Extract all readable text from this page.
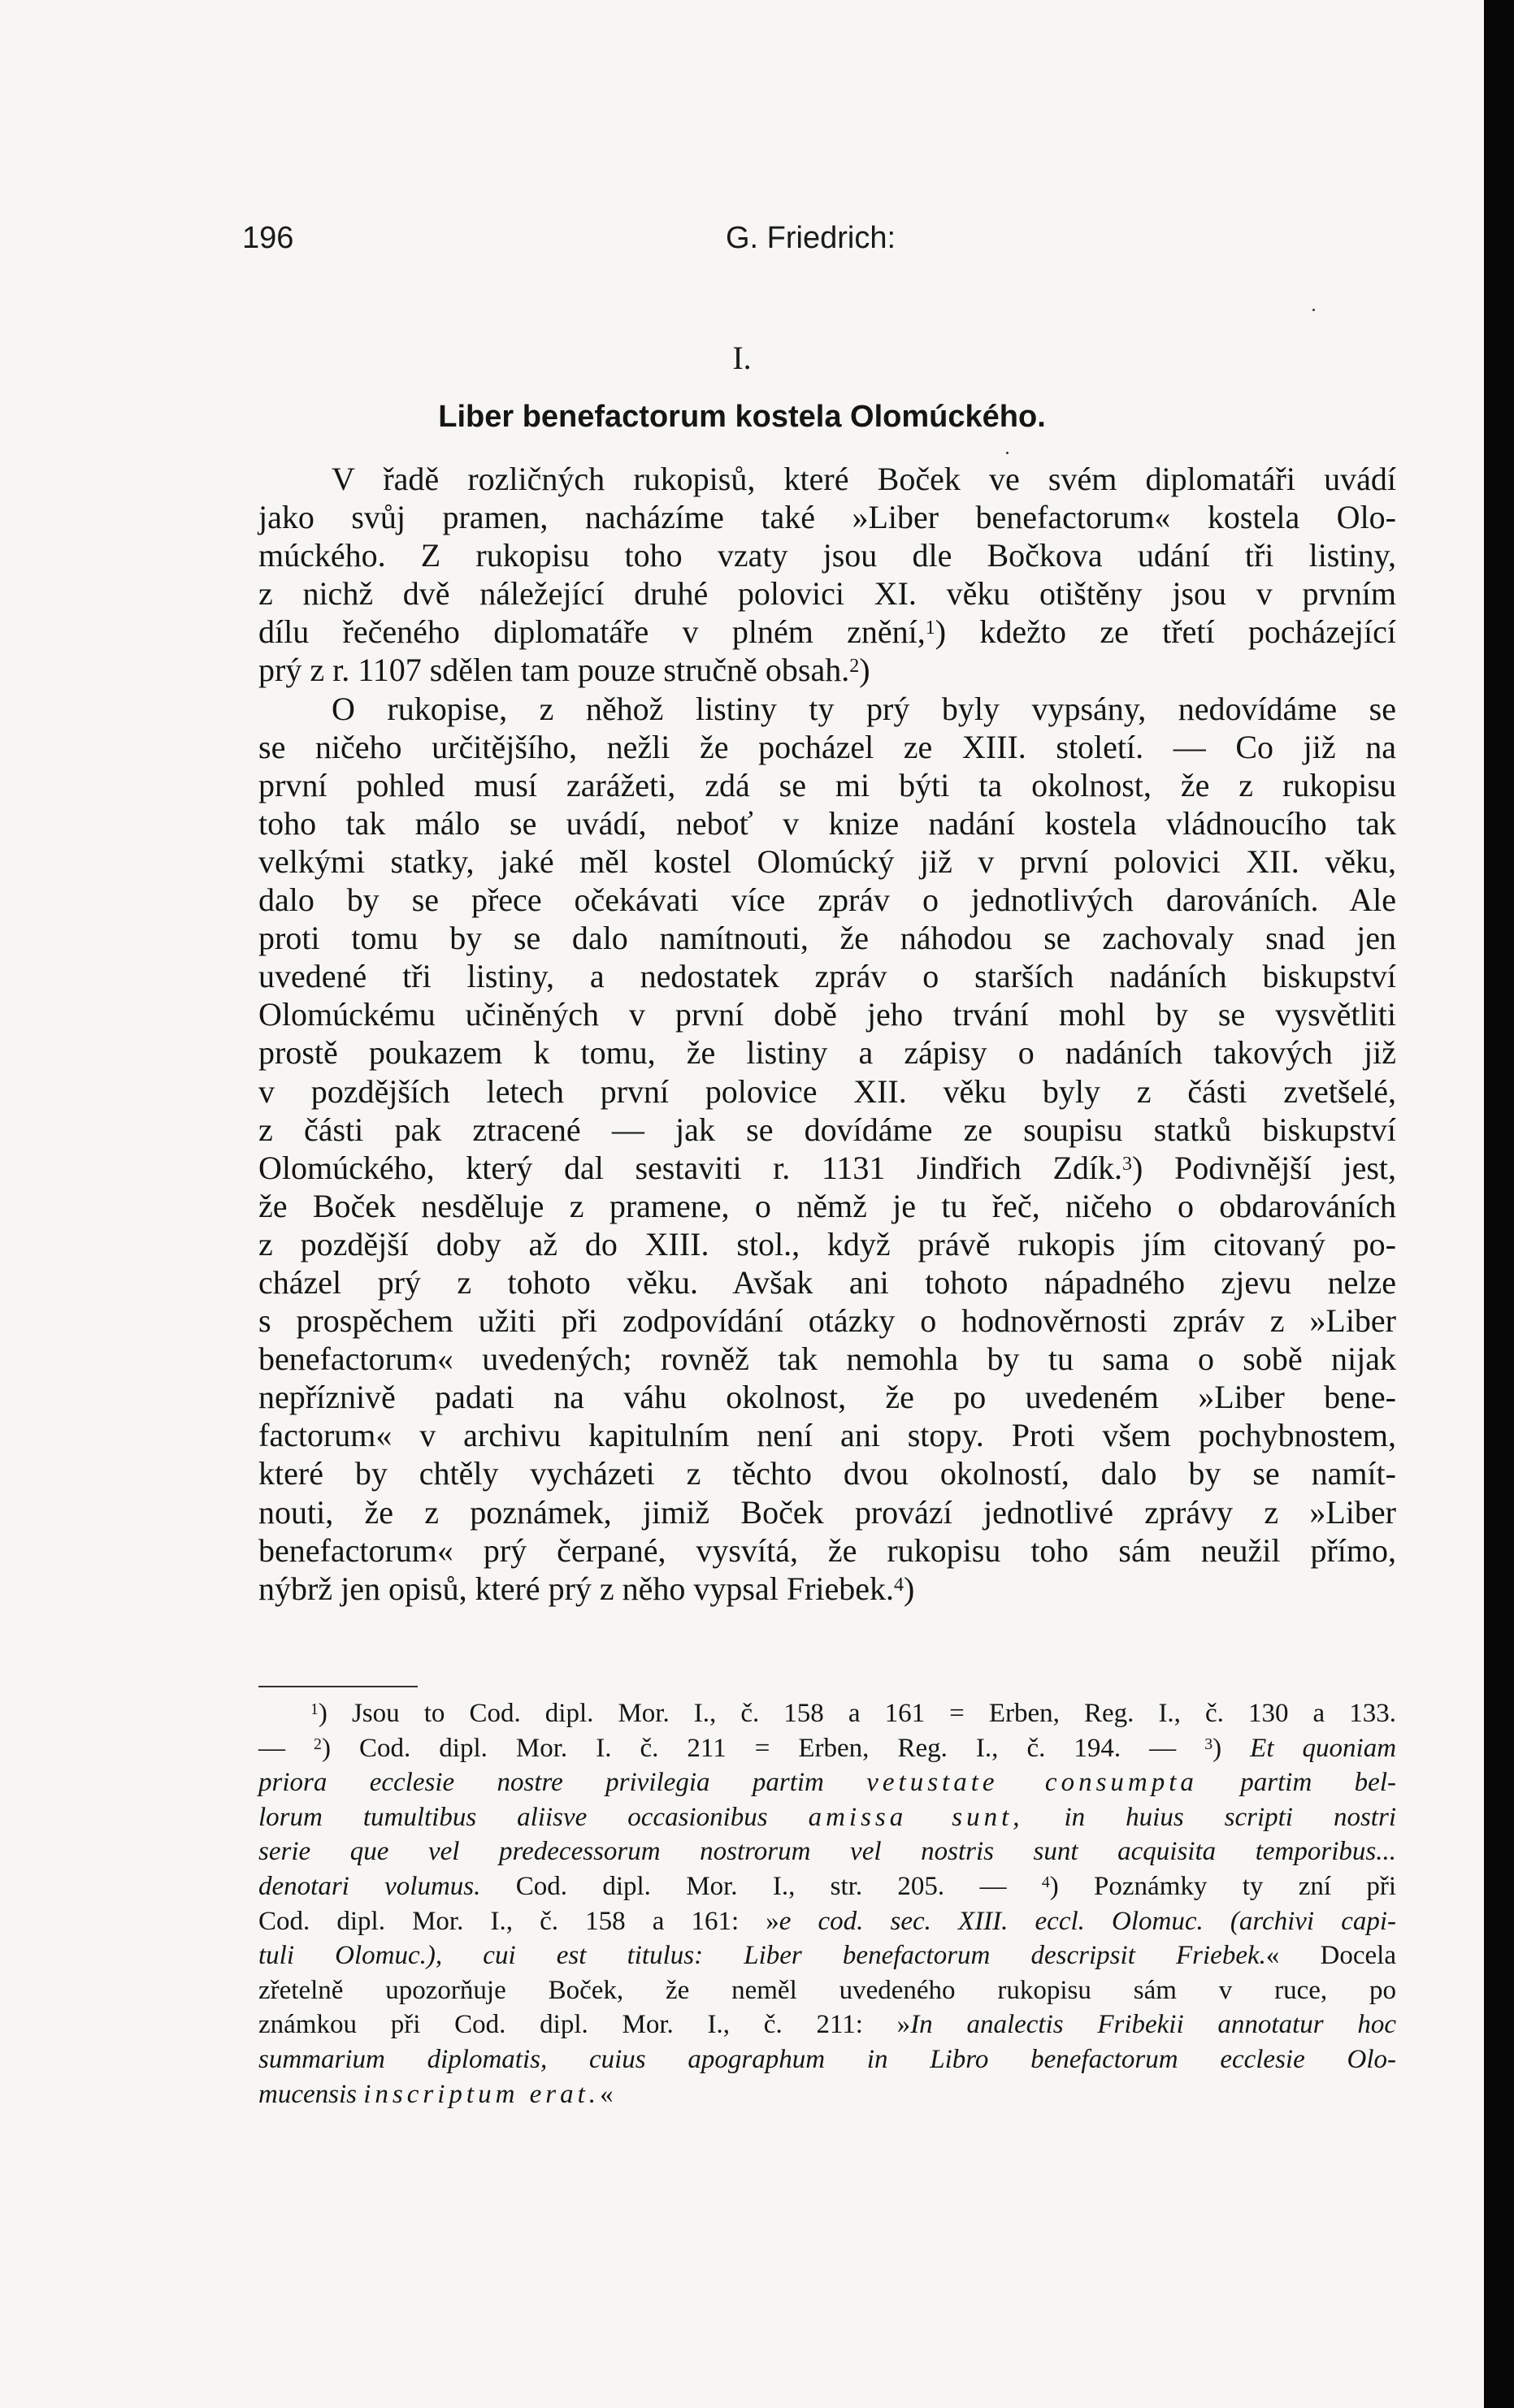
196	G. Friedrich:
I.
Liber benefactorum kostela Olomúckého.
V řadě rozličných rukopisů, které Boček ve svém diplomatáři uvádí
jako svůj pramen, nacházíme také »Liber benefactorum« kostela Olo-
múckého. Z rukopisu toho vzaty jsou dle Bočkova udání tři listiny,
z nichž dvě náležející druhé polovici XI. věku otištěny jsou v prvním
dílu řečeného diplomatáře v plném znění,$^1$) kdežto ze třetí pocházející
prý z r. 1107 sdělen tam pouze stručně obsah.$^2$)
O rukopise, z něhož listiny ty prý byly vypsány, nedovídáme se
se ničeho určitějšího, nežli že pocházel ze XIII. století. — Co již na
první pohled musí zarážeti, zdá se mi býti ta okolnost, že z rukopisu
toho tak málo se uvádí, neboť v knize nadání kostela vládnoucího tak
velkými statky, jaké měl kostel Olomúcký již v první polovici XII. věku,
dalo by se přece očekávati více zpráv o jednotlivých darováních. Ale
proti tomu by se dalo namítnouti, že náhodou se zachovaly snad jen
uvedené tři listiny, a nedostatek zpráv o starších nadáních biskupství
Olomúckému učiněných v první době jeho trvání mohl by se vysvětliti
prostě poukazem k tomu, že listiny a zápisy o nadáních takových již
v pozdějších letech první polovice XII. věku byly z části zvetšelé,
z části pak ztracené — jak se dovídáme ze soupisu statků biskupství
Olomúckého, který dal sestaviti r. 1131 Jindřich Zdík.$^3$) Podivnější jest,
že Boček nesděluje z pramene, o němž je tu řeč, ničeho o obdarováních
z pozdější doby až do XIII. stol., když právě rukopis jím citovaný po-
cházel prý z tohoto věku. Avšak ani tohoto nápadného zjevu nelze
s prospěchem užiti při zodpovídání otázky o hodnověrnosti zpráv z »Liber
benefactorum« uvedených; rovněž tak nemohla by tu sama o sobě nijak
nepříznivě padati na váhu okolnost, že po uvedeném »Liber bene-
factorum« v archivu kapitulním není ani stopy. Proti všem pochybnostem,
které by chtěly vycházeti z těchto dvou okolností, dalo by se namít-
nouti, že z poznámek, jimiž Boček provází jednotlivé zprávy z »Liber
benefactorum« prý čerpané, vysvítá, že rukopisu toho sám neužil přímo,
nýbrž jen opisů, které prý z něho vypsal Friebek.$^4$)
$^1$) Jsou to Cod. dipl. Mor. I., č. 158 a 161 = Erben, Reg. I., č. 130 a 133.
— $^2$) Cod. dipl. Mor. I. č. 211 = Erben, Reg. I., č. 194. — $^3$) Et quoniam
priora ecclesie nostre privilegia partim vetustate consumpta partim bel-
lorum tumultibus aliisve occasionibus amissa sunt, in huius scripti nostri
serie que vel predecessorum nostrorum vel nostris sunt acquisita temporibus...
denotari volumus. Cod. dipl. Mor. I., str. 205. — $^4$) Poznámky ty zní při
Cod. dipl. Mor. I., č. 158 a 161: »e cod. sec. XIII. eccl. Olomuc. (archivi capi-
tuli Olomuc.), cui est titulus: Liber benefactorum descripsit Friebek.« Docela
zřetelně upozorňuje Boček, že neměl uvedeného rukopisu sám v ruce, po
známkou při Cod. dipl. Mor. I., č. 211: »In analectis Fribekii annotatur hoc
summarium diplomatis, cuius apographum in Libro benefactorum ecclesie Olo-
mucensis inscriptum erat.«
